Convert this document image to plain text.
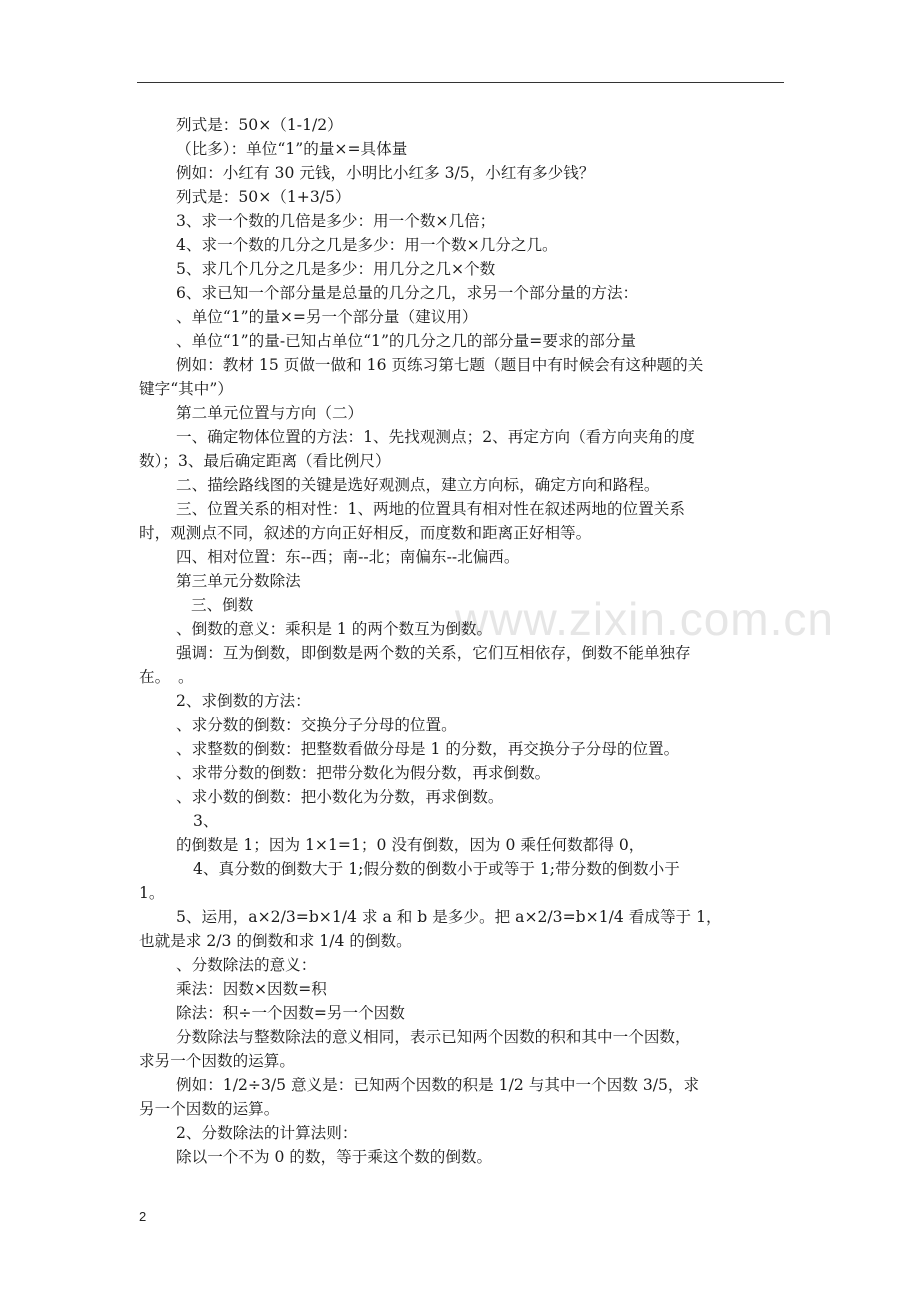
www.zixin.com.cn
列式是：50×（1-1/2）
（比多）：单位“1”的量×=具体量
例如：小红有 30 元钱，小明比小红多 3/5，小红有多少钱？
列式是：50×（1+3/5）
3、求一个数的几倍是多少：用一个数×几倍；
4、求一个数的几分之几是多少：用一个数×几分之几。
5、求几个几分之几是多少：用几分之几×个数
6、求已知一个部分量是总量的几分之几，求另一个部分量的方法：
、单位“1”的量×=另一个部分量（建议用）
、单位“1”的量-已知占单位“1”的几分之几的部分量=要求的部分量
例如：教材 15 页做一做和 16 页练习第七题（题目中有时候会有这种题的关
键字“其中”）
第二单元位置与方向（二）
一、确定物体位置的方法：1、先找观测点；2、再定方向（看方向夹角的度
数）；3、最后确定距离（看比例尺）
二、描绘路线图的关键是选好观测点，建立方向标，确定方向和路程。
三、位置关系的相对性：1、两地的位置具有相对性在叙述两地的位置关系
时，观测点不同，叙述的方向正好相反，而度数和距离正好相等。
四、相对位置：东--西；南--北；南偏东--北偏西。
第三单元分数除法
三、倒数
、倒数的意义：乘积是 1 的两个数互为倒数。
强调：互为倒数，即倒数是两个数的关系，它们互相依存，倒数不能单独存
在。　。
2、求倒数的方法：
、求分数的倒数：交换分子分母的位置。
、求整数的倒数：把整数看做分母是 1 的分数，再交换分子分母的位置。
、求带分数的倒数：把带分数化为假分数，再求倒数。
、求小数的倒数：把小数化为分数，再求倒数。
3、
的倒数是 1；因为 1×1=1；0 没有倒数，因为 0 乘任何数都得 0，
4、真分数的倒数大于 1;假分数的倒数小于或等于 1;带分数的倒数小于
1。
5、运用，a×2/3=b×1/4 求 a 和 b 是多少。把 a×2/3=b×1/4 看成等于 1，
也就是求 2/3 的倒数和求 1/4 的倒数。
、分数除法的意义：
乘法：因数×因数=积
除法：积÷一个因数=另一个因数
分数除法与整数除法的意义相同，表示已知两个因数的积和其中一个因数，
求另一个因数的运算。
例如：1/2÷3/5 意义是：已知两个因数的积是 1/2 与其中一个因数 3/5，求
另一个因数的运算。
2、分数除法的计算法则：
除以一个不为 0 的数，等于乘这个数的倒数。
2
